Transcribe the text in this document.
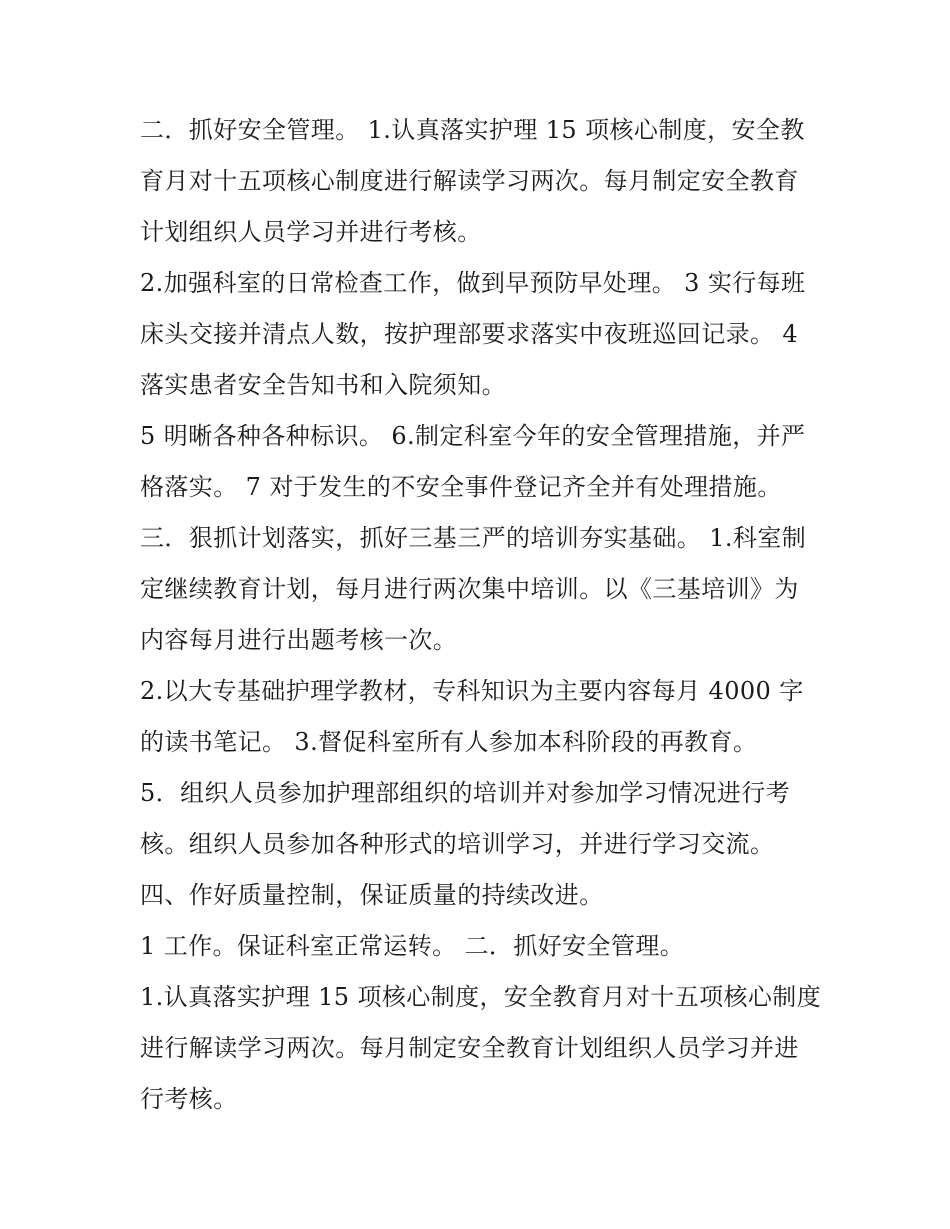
二．抓好安全管理。 1.认真落实护理 15 项核心制度，安全教
育月对十五项核心制度进行解读学习两次。每月制定安全教育
计划组织人员学习并进行考核。
2.加强科室的日常检查工作，做到早预防早处理。 3 实行每班
床头交接并清点人数，按护理部要求落实中夜班巡回记录。 4
落实患者安全告知书和入院须知。
5 明晰各种各种标识。 6.制定科室今年的安全管理措施，并严
格落实。 7 对于发生的不安全事件登记齐全并有处理措施。
三．狠抓计划落实，抓好三基三严的培训夯实基础。 1.科室制
定继续教育计划，每月进行两次集中培训。以《三基培训》为
内容每月进行出题考核一次。
2.以大专基础护理学教材，专科知识为主要内容每月 4000 字
的读书笔记。 3.督促科室所有人参加本科阶段的再教育。
5．组织人员参加护理部组织的培训并对参加学习情况进行考
核。组织人员参加各种形式的培训学习，并进行学习交流。
四、作好质量控制，保证质量的持续改进。
1 工作。保证科室正常运转。 二．抓好安全管理。
1.认真落实护理 15 项核心制度，安全教育月对十五项核心制度
进行解读学习两次。每月制定安全教育计划组织人员学习并进
行考核。
